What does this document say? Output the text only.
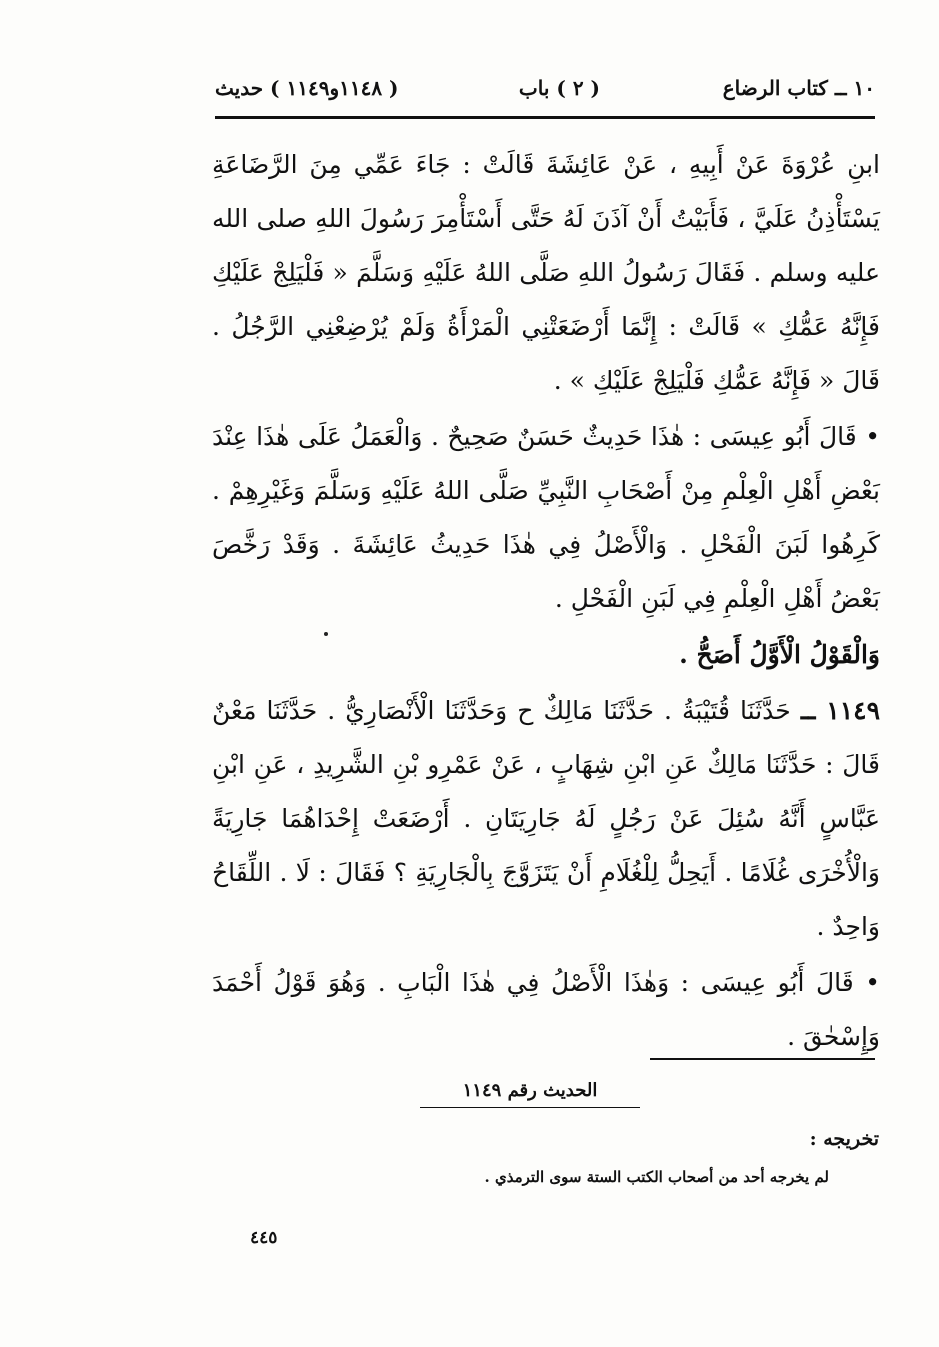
١٠ ــ كتاب الرضاع
( ٢ ) باب
( ١١٤٨و١١٤٩ ) حديث

ابنِ عُرْوَةَ عَنْ أَبِيهِ ، عَنْ عَائِشَةَ قَالَتْ : جَاءَ عَمِّي مِنَ الرَّضَاعَةِ يَسْتَأْذِنُ عَلَيَّ ، فَأَبَيْتُ أَنْ آذَنَ لَهُ حَتَّى أَسْتَأْمِرَ رَسُولَ اللهِ صلى الله عليه وسلم . فَقَالَ رَسُولُ اللهِ صَلَّى اللهُ عَلَيْهِ وَسَلَّمَ « فَلْيَلِجْ عَلَيْكِ فَإِنَّهُ عَمُّكِ » قَالَتْ : إِنَّمَا أَرْضَعَتْنِي الْمَرْأَةُ وَلَمْ يُرْضِعْنِي الرَّجُلُ . قَالَ « فَإِنَّهُ عَمُّكِ فَلْيَلِجْ عَلَيْكِ » .

• قَالَ أَبُو عِيسَى : هٰذَا حَدِيثٌ حَسَنٌ صَحِيحٌ . وَالْعَمَلُ عَلَى هٰذَا عِنْدَ بَعْضِ أَهْلِ الْعِلْمِ مِنْ أَصْحَابِ النَّبِيِّ صَلَّى اللهُ عَلَيْهِ وَسَلَّمَ وَغَيْرِهِمْ . كَرِهُوا لَبَنَ الْفَحْلِ . وَالْأَصْلُ فِي هٰذَا حَدِيثُ عَائِشَةَ . وَقَدْ رَخَّصَ بَعْضُ أَهْلِ الْعِلْمِ فِي لَبَنِ الْفَحْلِ .

وَالْقَوْلُ الْأَوَّلُ أَصَحُّ .

١١٤٩ ــ حَدَّثَنَا قُتَيْبَةُ . حَدَّثَنَا مَالِكٌ ح وَحَدَّثَنَا الْأَنْصَارِيُّ . حَدَّثَنَا مَعْنٌ قَالَ : حَدَّثَنَا مَالِكٌ عَنِ ابْنِ شِهَابٍ ، عَنْ عَمْرِو بْنِ الشَّرِيدِ ، عَنِ ابْنِ عَبَّاسٍ أَنَّهُ سُئِلَ عَنْ رَجُلٍ لَهُ جَارِيَتَانِ . أَرْضَعَتْ إِحْدَاهُمَا جَارِيَةً وَالْأُخْرَى غُلَامًا . أَيَحِلُّ لِلْغُلَامِ أَنْ يَتَزَوَّجَ بِالْجَارِيَةِ ؟ فَقَالَ : لَا . اللِّقَاحُ وَاحِدٌ .

• قَالَ أَبُو عِيسَى : وَهٰذَا الْأَصْلُ فِي هٰذَا الْبَابِ . وَهُوَ قَوْلُ أَحْمَدَ وَإِسْحٰقَ .

الحديث رقم ١١٤٩
تخريجه :
لم يخرجه أحد من أصحاب الكتب الستة سوى الترمذي .
٤٤٥
